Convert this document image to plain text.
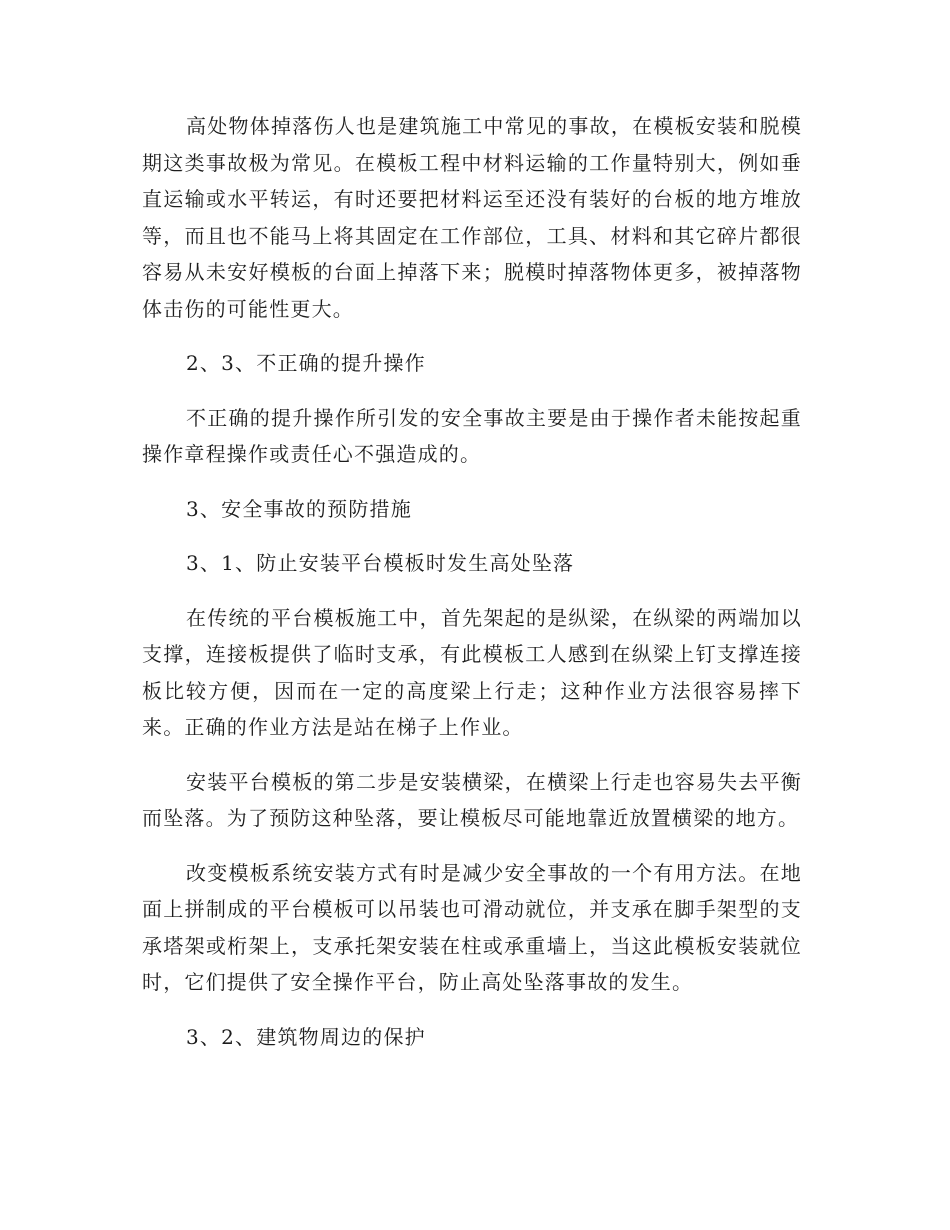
高处物体掉落伤人也是建筑施工中常见的事故，在模板安装和脱模期这类事故极为常见。在模板工程中材料运输的工作量特别大，例如垂直运输或水平转运，有时还要把材料运至还没有装好的台板的地方堆放等，而且也不能马上将其固定在工作部位，工具、材料和其它碎片都很容易从未安好模板的台面上掉落下来；脱模时掉落物体更多，被掉落物体击伤的可能性更大。

2、3、不正确的提升操作

不正确的提升操作所引发的安全事故主要是由于操作者未能按起重操作章程操作或责任心不强造成的。

3、安全事故的预防措施

3、1、防止安装平台模板时发生高处坠落

在传统的平台模板施工中，首先架起的是纵梁，在纵梁的两端加以支撑，连接板提供了临时支承，有此模板工人感到在纵梁上钉支撑连接板比较方便，因而在一定的高度梁上行走；这种作业方法很容易摔下来。正确的作业方法是站在梯子上作业。

安装平台模板的第二步是安装横梁，在横梁上行走也容易失去平衡而坠落。为了预防这种坠落，要让模板尽可能地靠近放置横梁的地方。

改变模板系统安装方式有时是减少安全事故的一个有用方法。在地面上拼制成的平台模板可以吊装也可滑动就位，并支承在脚手架型的支承塔架或桁架上，支承托架安装在柱或承重墙上，当这此模板安装就位时，它们提供了安全操作平台，防止高处坠落事故的发生。

3、2、建筑物周边的保护
